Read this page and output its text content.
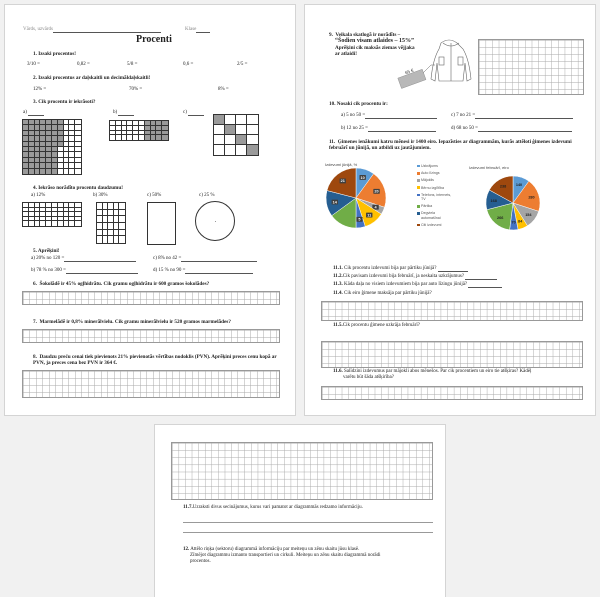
Vārds, uzvārds	Klase
Procenti
1. Izsaki procentos!
3/10 =	0,82 =	5/8 =	0,6 =	2/5 =
2. Izsaki procentus ar daļskaitli un decimāldaļskaitli!
12% =	70% =	8% =
3. Cik procentu ir iekrāsoti?
a)	b)	c)
4. Iekrāso norādīto procentu daudzumu!
a) 12%	b) 30%	c) 50%	c) 25 %
5. Aprēķini!
a) 20% no 120 =	c) 8% no 42 =
b) 78 % no 300 =	d) 15 % no 90 =
6. Šokolādē ir 45% ogļhidrātu. Cik gramu ogļhidrātu ir 600 gramos šokolādes?
7. Marmelādē ir 0,8% minerālvielu. Cik gramu minerālvielu ir 520 gramos marmelādes?
8. Daudzu preču cenai tiek pievienots 21% pievienotās vērtības nodoklis (PVN). Aprēķini preces cenu kopā ar PVN, ja preces cena bez PVN ir 364 €.
9. Veikala skatlogā ir norādīts –
“Šodien visam atlaides – 15%”
Aprēķini cik maksās ziemas vējjaka
ar atlaidi!
65 €
10. Nosaki cik procentu ir:
a) 5 no 50 =	c) 7 no 21 =
b) 12 no 25 =	d) 68 no 50 =
11. Ģimenes ienākumi katru mēnesi ir 1400 eiro. Iepazīsties ar diagrammām, kurās attēloti ģimenes izdevumi februārī un jūnijā, un atbildi uz jautājumiem.
Izdevumi jūnijā, %
10
20
4
11
5
14
21
Uzkrājums
Auto līzings
Mājoklis
Bērnu izglītība
Telefons, internets, TV
Pārtika
Degviela automašīnai
Citi izdevumi
Izdevumi februārī, eiro
140
280
154
84
70
266
168
238
11.1. Cik procentu izdevumi bija par pārtiku jūnijā?
11.2.Cik pavisam izdevumi bija februārī, ja neskaita uzkrājumus?
11.3. Kāda daļa no visiem izdevumiem bija par auto līzingu jūnijā?
11.4. Cik eiro ģimene maksāja par pārtiku jūnijā?
11.5.Cik procentu ģimene uzkrāja februārī?
11.6. Salīdzini izdevumus par mājokli abos mēnešos. Par cik procentiem un eiro tie atšķiras? Kādēļ
varētu būt šāda atšķirība?
11.7.Uzraksti divus secinājumus, kurus vari pamatot ar diagrammās redzamo informāciju.
12. Attēlo riņķa (sektoru) diagrammā informāciju par meiteņu un zēnu skaitu jūsu klasē.
Zīmējot diagrammu izmanto transportieri un cirkuli. Meiteņu un zēnu skaitu diagrammā norādi
procentos.
